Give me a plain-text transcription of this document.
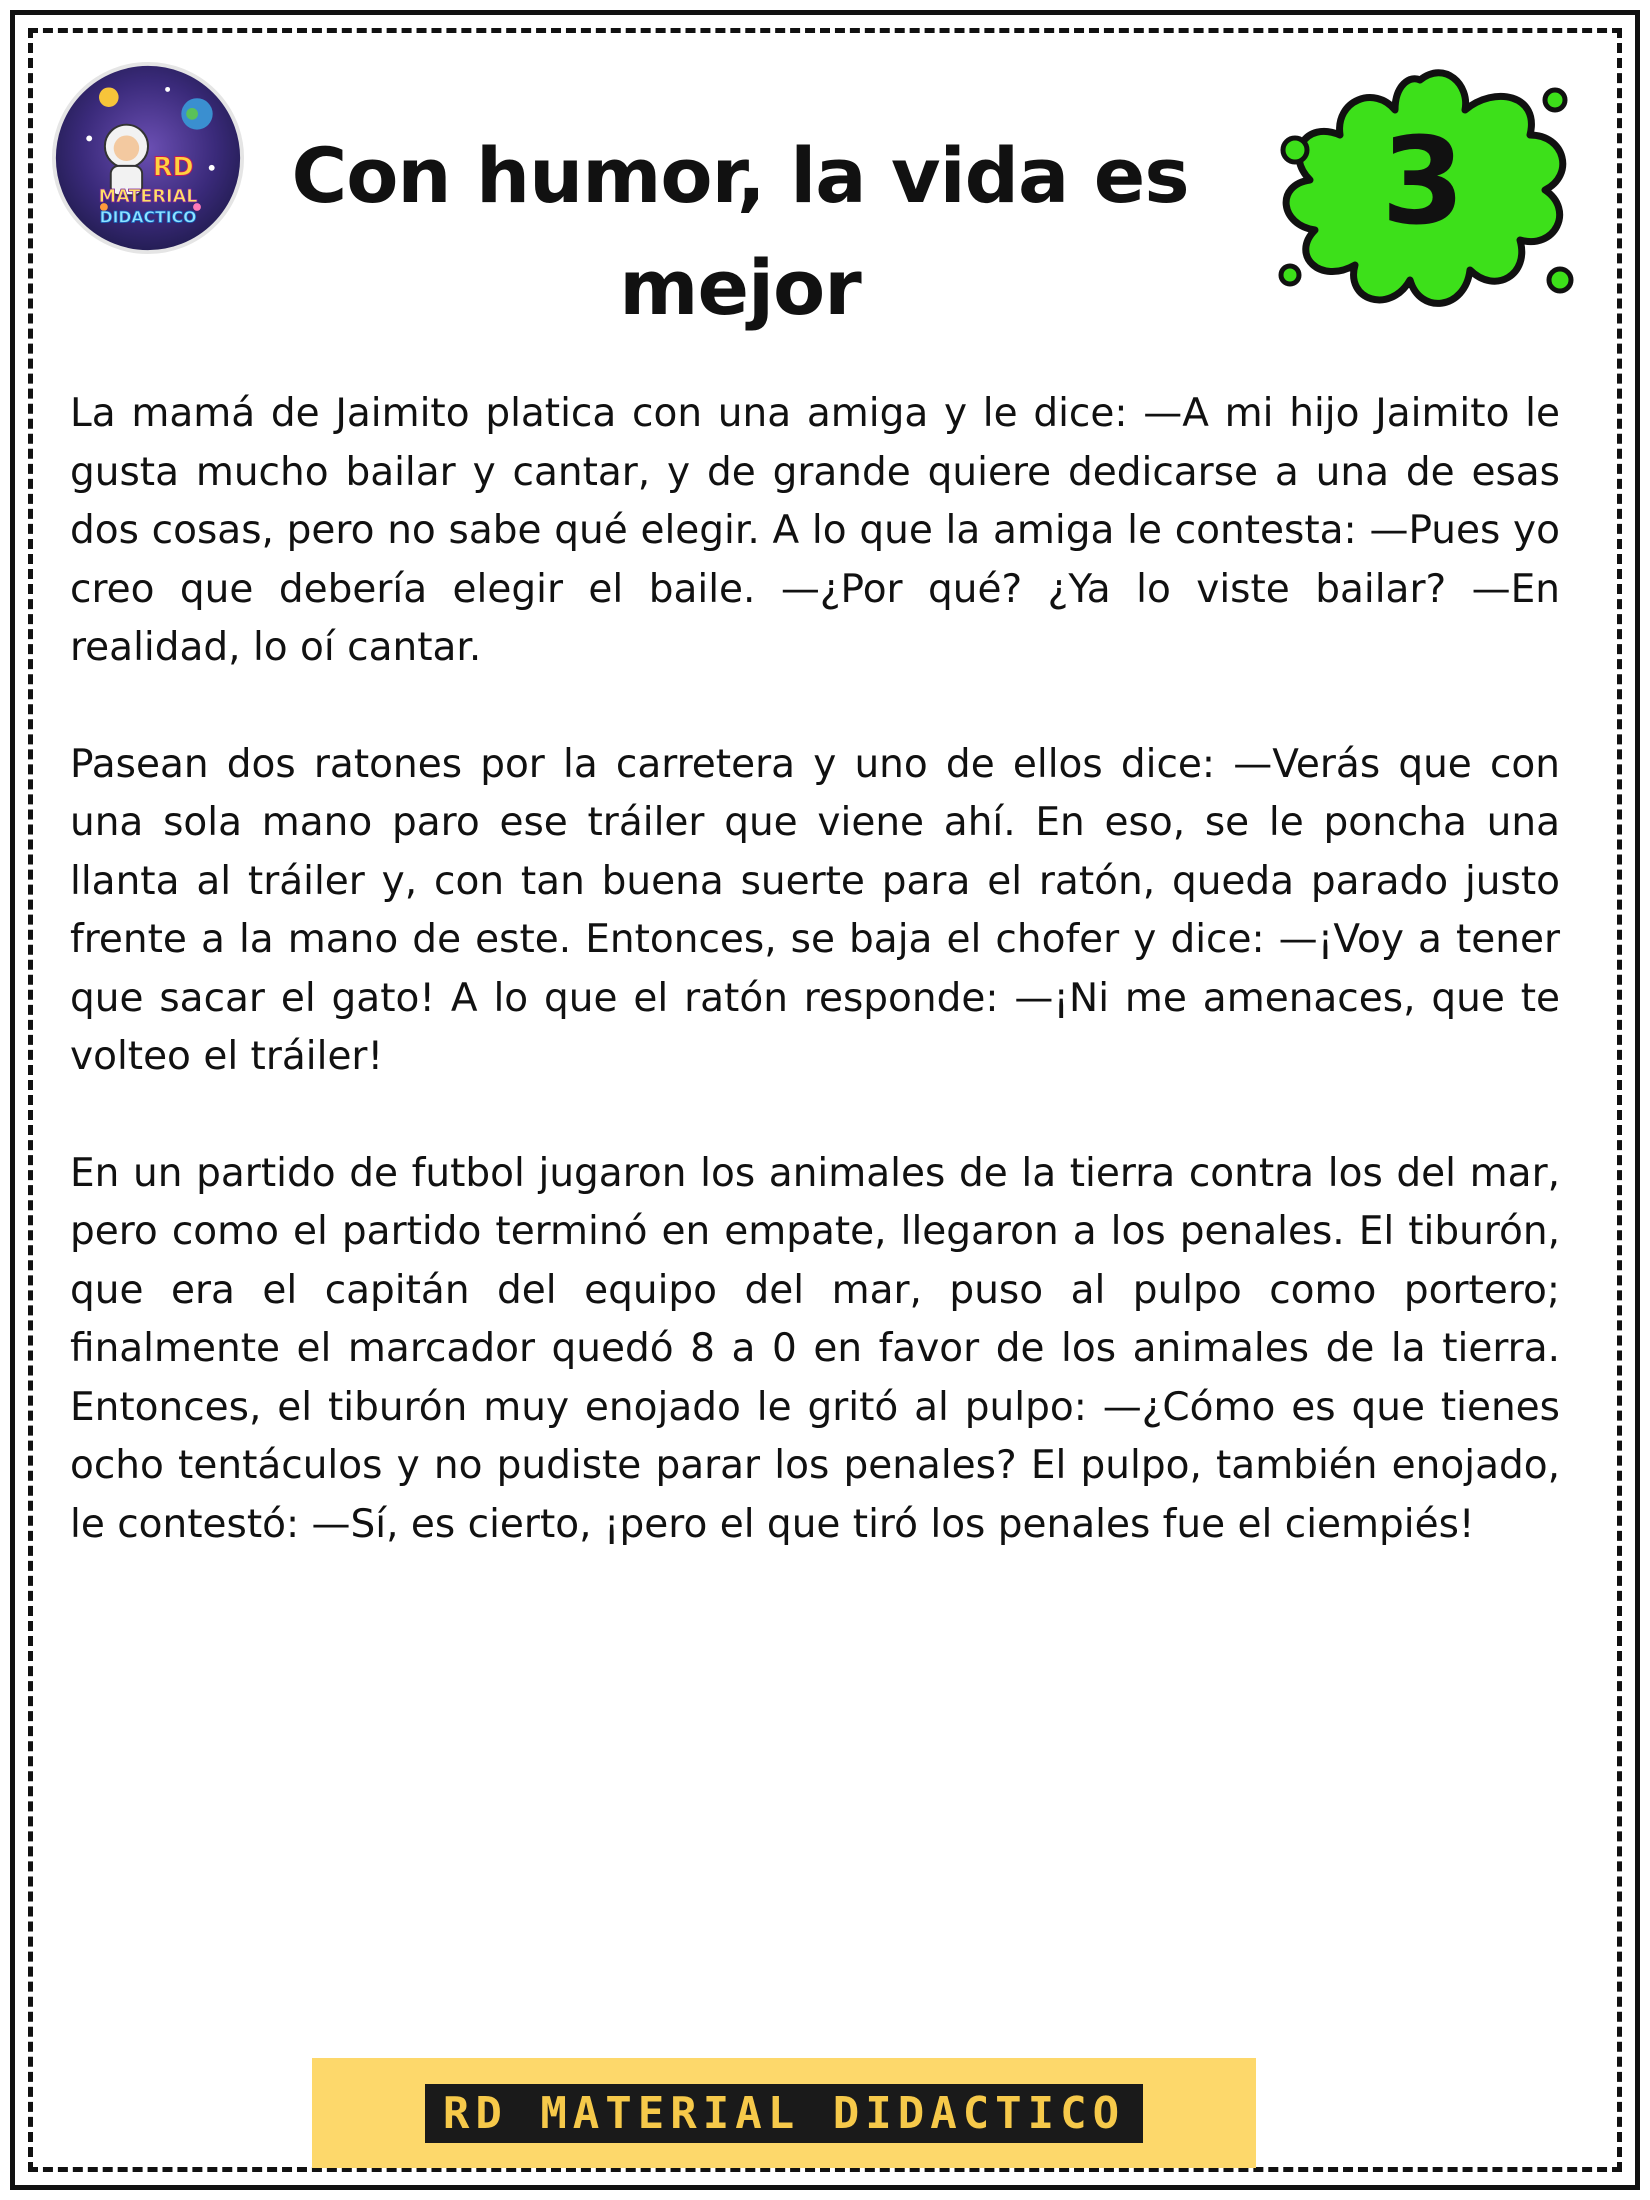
RD
MATERIAL
DIDACTICO	Con humor, la vida es mejor
3

La mamá de Jaimito platica con una amiga y le dice: —A mi hijo Jaimito le gusta mucho bailar y cantar, y de grande quiere dedicarse a una de esas dos cosas, pero no sabe qué elegir. A lo que la amiga le contesta: —Pues yo creo que debería elegir el baile. —¿Por qué? ¿Ya lo viste bailar? —En realidad, lo oí cantar.

Pasean dos ratones por la carretera y uno de ellos dice: —Verás que con una sola mano paro ese tráiler que viene ahí. En eso, se le poncha una llanta al tráiler y, con tan buena suerte para el ratón, queda parado justo frente a la mano de este. Entonces, se baja el chofer y dice: —¡Voy a tener que sacar el gato! A lo que el ratón responde: —¡Ni me amenaces, que te volteo el tráiler!

En un partido de futbol jugaron los animales de la tierra contra los del mar, pero como el partido terminó en empate, llegaron a los penales. El tiburón, que era el capitán del equipo del mar, puso al pulpo como portero; finalmente el marcador quedó 8 a 0 en favor de los animales de la tierra. Entonces, el tiburón muy enojado le gritó al pulpo: —¿Cómo es que tienes ocho tentáculos y no pudiste parar los penales? El pulpo, también enojado, le contestó: —Sí, es cierto, ¡pero el que tiró los penales fue el ciempiés!

RD MATERIAL DIDACTICO
